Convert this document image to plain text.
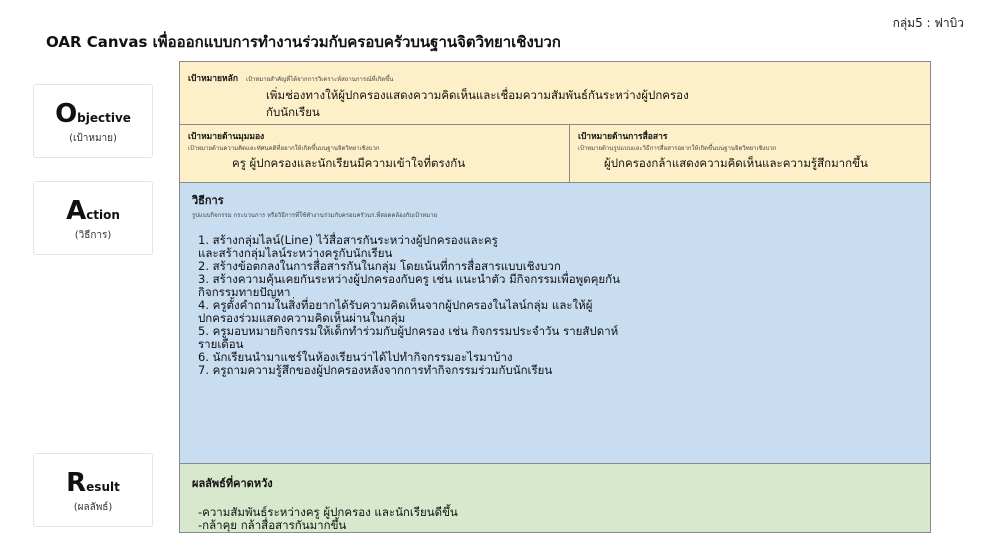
กลุ่ม5 : ฟาบิว
OAR Canvas เพื่อออกแบบการทำงานร่วมกับครอบครัวบนฐานจิตวิทยาเชิงบวก
Objective
(เป้าหมาย)
Action
(วิธีการ)
Result
(ผลลัพธ์)
เป้าหมายหลัก เป้าหมายสำคัญที่ได้จากการวิเคราะห์สถานการณ์ที่เกิดขึ้น
เพิ่มช่องทางให้ผู้ปกครองแสดงความคิดเห็นและเชื่อมความสัมพันธ์กันระหว่างผู้ปกครอง
กับนักเรียน
เป้าหมายด้านมุมมอง
เป้าหมายด้านความคิดและทัศนคติที่อยากให้เกิดขึ้นบนฐานจิตวิทยาเชิงบวก
ครู ผู้ปกครองและนักเรียนมีความเข้าใจที่ตรงกัน
เป้าหมายด้านการสื่อสาร
เป้าหมายด้านรูปแบบและวิธีการสื่อสารอยากให้เกิดขึ้นบนฐานจิตวิทยาเชิงบวก
ผู้ปกครองกล้าแสดงความคิดเห็นและความรู้สึกมากขึ้น
วิธีการ
รูปแบบกิจกรรม กระบวนการ หรือวิธีการที่ใช้ทำงานร่วมกับครอบครัวนร.ที่สอดคล้องกับเป้าหมาย
1. สร้างกลุ่มไลน์(Line) ไว้สื่อสารกันระหว่างผู้ปกครองและครู
และสร้างกลุ่มไลน์ระหว่างครูกับนักเรียน
2. สร้างข้อตกลงในการสื่อสารกันในกลุ่ม โดยเน้นที่การสื่อสารแบบเชิงบวก
3. สร้างความคุ้นเคยกันระหว่างผู้ปกครองกับครู เช่น แนะนำตัว มีกิจกรรมเพื่อพูดคุยกัน
กิจกรรมทายปัญหา
4. ครูตั้งคำถามในสิ่งที่อยากได้รับความคิดเห็นจากผู้ปกครองในไลน์กลุ่ม และให้ผู้
ปกครองร่วมแสดงความคิดเห็นผ่านในกลุ่ม
5. ครูมอบหมายกิจกรรมให้เด็กทำร่วมกับผู้ปกครอง เช่น กิจกรรมประจำวัน รายสัปดาห์
รายเดือน
6. นักเรียนนำมาแชร์ในห้องเรียนว่าได้ไปทำกิจกรรมอะไรมาบ้าง
7. ครูถามความรู้สึกของผู้ปกครองหลังจากการทำกิจกรรมร่วมกับนักเรียน
ผลลัพธ์ที่คาดหวัง
-ความสัมพันธ์ระหว่างครู ผู้ปกครอง และนักเรียนดีขึ้น
-กล้าคุย กล้าสื่อสารกันมากขึ้น
